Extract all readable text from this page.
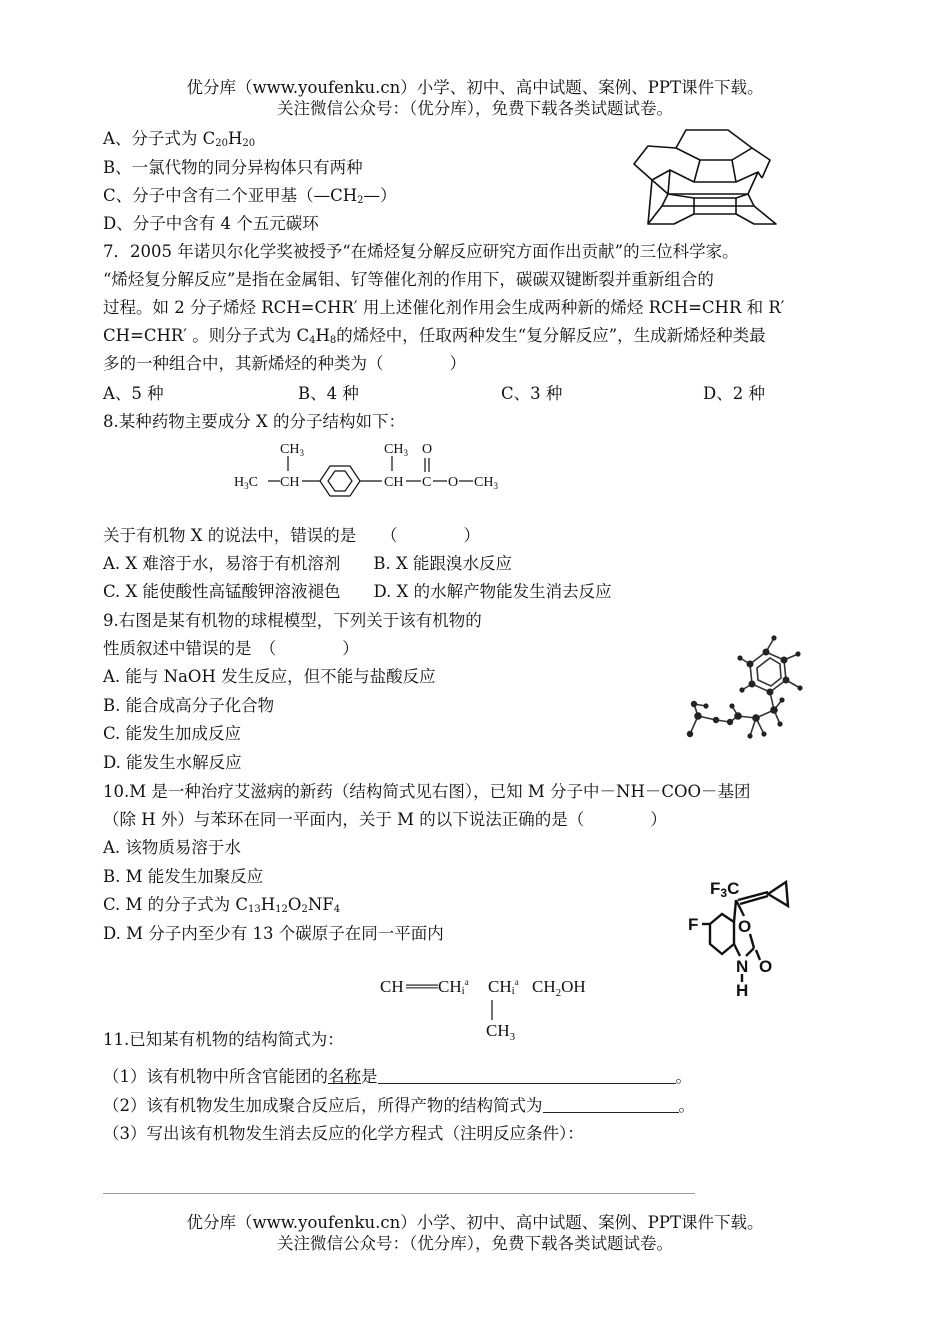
优分库（www.youfenku.cn）小学、初中、高中试题、案例、PPT课件下载。
关注微信公众号：（优分库），免费下载各类试题试卷。
A、分子式为 $C_{20}H_{20}$
B、一氯代物的同分异构体只有两种
C、分子中含有二个亚甲基$(—CH_2—)$
D、分子中含有 4 个五元碳环
7．2005 年诺贝尔化学奖被授予“在烯烃复分解反应研究方面作出贡献”的三位科学家。
“烯烃复分解反应”是指在金属钼、钌等催化剂的作用下，碳碳双键断裂并重新组合的
过程。如 2 分子烯烃 RCH=CHR′ 用上述催化剂作用会生成两种新的烯烃 RCH=CHR 和 R′
CH=CHR′ 。则分子式为 $C_4H_8$的烯烃中，任取两种发生“复分解反应”，生成新烯烃种类最
多的一种组合中，其新烯烃的种类为（　　　　）
A、5 种	B、4 种	C、3 种	D、2 种
8.某种药物主要成分 X 的分子结构如下：
$CH_3$
$H_3C$ CH
$CH_3$
CH C
O
O $CH_3$
关于有机物 X 的说法中，错误的是　　（　　　　）
A. X 难溶于水，易溶于有机溶剂　　B. X 能跟溴水反应
C. X 能使酸性高锰酸钾溶液褪色　　D. X 的水解产物能发生消去反应
9.右图是某有机物的球棍模型，下列关于该有机物的
性质叙述中错误的是　（　　　　）
A. 能与 NaOH 发生反应，但不能与盐酸反应
B. 能合成高分子化合物
C. 能发生加成反应
D. 能发生水解反应
10.M 是一种治疗艾滋病的新药（结构简式见右图），已知 M 分子中－NH－COO－基团
（除 H 外）与苯环在同一平面内，关于 M 的以下说法正确的是（　　　　）
A. 该物质易溶于水
B. M 能发生加聚反应
C. M 的分子式为 $C_{13}H_{12}O_2NF_4$
D. M 分子内至少有 13 个碳原子在同一平面内
F3C
F O
N O
H
CH ═══ CHi$^a$ CHi$^a$ $CH_2OH$
$CH_3$
11.已知某有机物的结构简式为：
（1）该有机物中所含官能团的名称是	。
（2）该有机物发生加成聚合反应后，所得产物的结构简式为	。
（3）写出该有机物发生消去反应的化学方程式（注明反应条件）：
优分库（www.youfenku.cn）小学、初中、高中试题、案例、PPT课件下载。
关注微信公众号：（优分库），免费下载各类试题试卷。
